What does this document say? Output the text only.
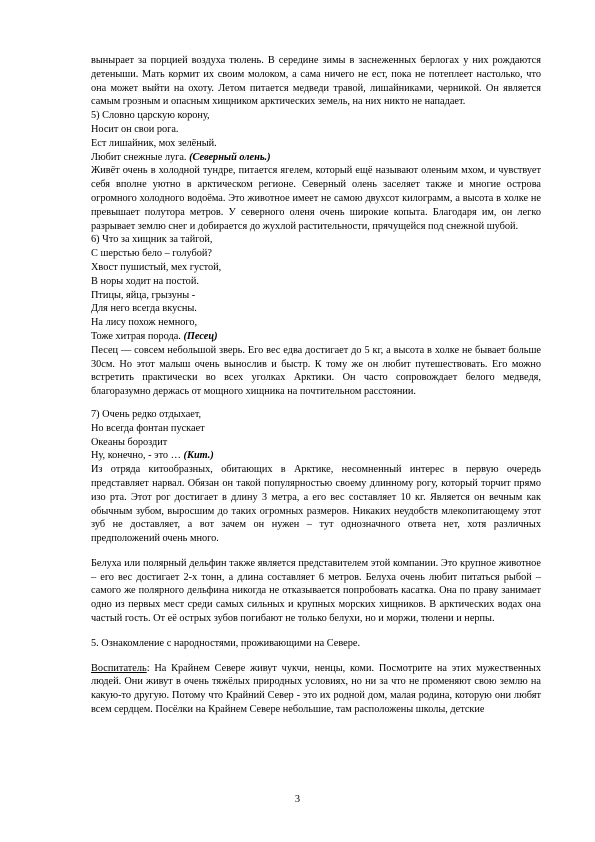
вынырает за порцией воздуха тюлень. В середине зимы в заснеженных берлогах у них рождаются детеныши. Мать кормит их своим молоком, а сама ничего не ест, пока не потеплеет настолько, что она может выйти на охоту. Летом питается медведи травой, лишайниками, черникой. Он является самым грозным и опасным хищником арктических земель, на них никто не нападает.

5) Словно царскую корону,

Носит он свои рога.

Ест лишайник, мох зелёный.

Любит снежные луга. (Северный олень.)

Живёт очень в холодной тундре, питается ягелем, который ещё называют оленьим мхом, и чувствует себя вполне уютно в арктическом регионе. Северный олень заселяет также и многие острова огромного холодного водоёма. Это животное имеет не самою двухсот килограмм, а высота в холке не превышает полутора метров. У северного оленя очень широкие копыта. Благодаря им, он легко разрывает землю снег и добирается до жухлой растительности, прячущейся под снежной шубой.

6) Что за хищник за тайгой,

С шерстью бело – голубой?

Хвост пушистый, мех густой,

В норы ходит на постой.

Птицы, яйца, грызуны -

Для него всегда вкусны.

На лису похож немного,

Тоже хитрая порода. (Песец)

Песец — совсем небольшой зверь. Его вес едва достигает до 5 кг, а высота в холке не бывает больше 30см. Но этот малыш очень вынослив и быстр. К тому же он любит путешествовать. Его можно встретить практически во всех уголках Арктики. Он часто сопровождает белого медведя, благоразумно держась от мощного хищника на почтительном расстоянии.

7) Очень редко отдыхает,

Но всегда фонтан пускает

Океаны бороздит

Ну, конечно, - это … (Кит.)

Из отряда китообразных, обитающих в Арктике, несомненный интерес в первую очередь представляет нарвал. Обязан он такой популярностью своему длинному рогу, который торчит прямо изо рта. Этот рог достигает в длину 3 метра, а его вес составляет 10 кг. Является он вечным как обычным зубом, выросшим до таких огромных размеров. Никаких неудобств млекопитающему этот зуб не доставляет, а вот зачем он нужен – тут однозначного ответа нет, хотя различных предположений очень много.

Белуха или полярный дельфин также является представителем этой компании. Это крупное животное – его вес достигает 2-х тонн, а длина составляет 6 метров. Белуха очень любит питаться рыбой – самого же полярного дельфина никогда не отказывается попробовать касатка. Она по праву занимает одно из первых мест среди самых сильных и крупных морских хищников. В арктических водах она частый гость. От её острых зубов погибают не только белухи, но и моржи, тюлени и нерпы.

5. Ознакомление с народностями, проживающими на Севере.

Воспитатель: На Крайнем Севере живут чукчи, ненцы, коми. Посмотрите на этих мужественных людей. Они живут в очень тяжёлых природных условиях, но ни за что не променяют свою землю на какую-то другую. Потому что Крайний Север - это их родной дом, малая родина, которую они любят всем сердцем. Посёлки на Крайнем Севере небольшие, там расположены школы, детские

3
